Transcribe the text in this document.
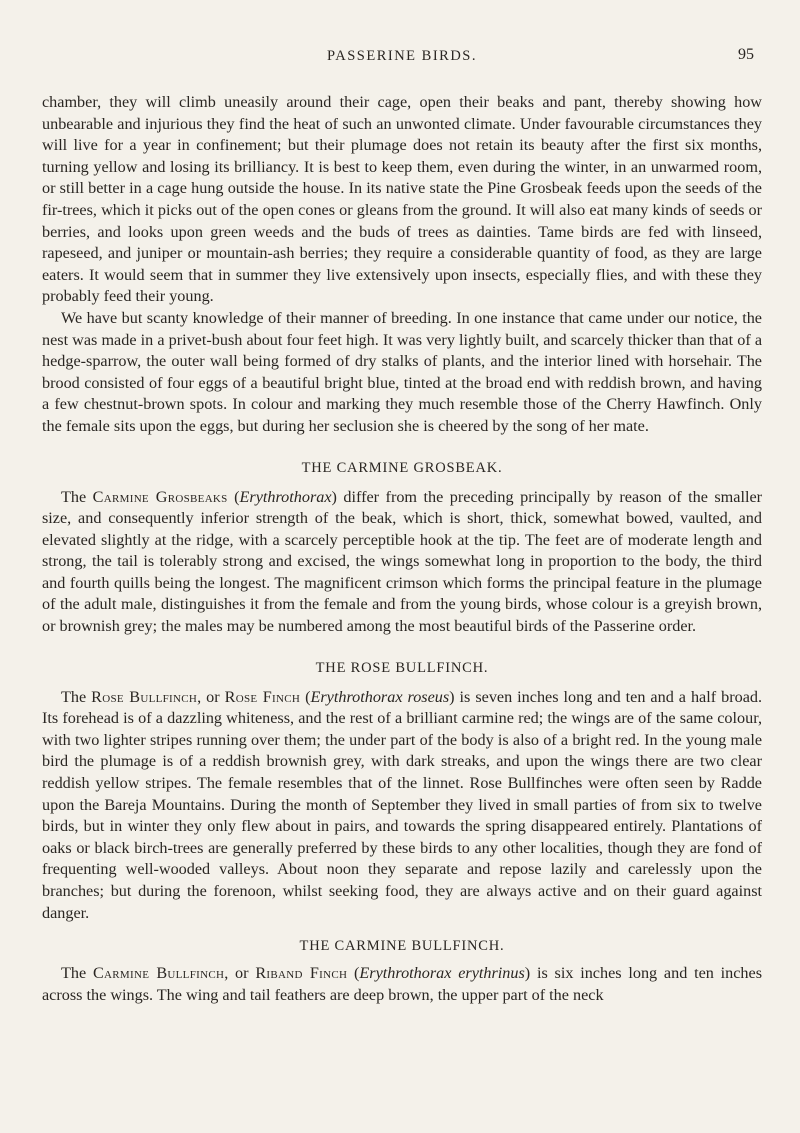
PASSERINE BIRDS.	95

chamber, they will climb uneasily around their cage, open their beaks and pant, thereby showing how unbearable and injurious they find the heat of such an unwonted climate. Under favourable circumstances they will live for a year in confinement; but their plumage does not retain its beauty after the first six months, turning yellow and losing its brilliancy. It is best to keep them, even during the winter, in an unwarmed room, or still better in a cage hung outside the house. In its native state the Pine Grosbeak feeds upon the seeds of the fir-trees, which it picks out of the open cones or gleans from the ground. It will also eat many kinds of seeds or berries, and looks upon green weeds and the buds of trees as dainties. Tame birds are fed with linseed, rapeseed, and juniper or mountain-ash berries; they require a considerable quantity of food, as they are large eaters. It would seem that in summer they live extensively upon insects, especially flies, and with these they probably feed their young.

We have but scanty knowledge of their manner of breeding. In one instance that came under our notice, the nest was made in a privet-bush about four feet high. It was very lightly built, and scarcely thicker than that of a hedge-sparrow, the outer wall being formed of dry stalks of plants, and the interior lined with horsehair. The brood consisted of four eggs of a beautiful bright blue, tinted at the broad end with reddish brown, and having a few chestnut-brown spots. In colour and marking they much resemble those of the Cherry Hawfinch. Only the female sits upon the eggs, but during her seclusion she is cheered by the song of her mate.

THE CARMINE GROSBEAK.

The Carmine Grosbeaks (Erythrothorax) differ from the preceding principally by reason of the smaller size, and consequently inferior strength of the beak, which is short, thick, somewhat bowed, vaulted, and elevated slightly at the ridge, with a scarcely perceptible hook at the tip. The feet are of moderate length and strong, the tail is tolerably strong and excised, the wings somewhat long in proportion to the body, the third and fourth quills being the longest. The magnificent crimson which forms the principal feature in the plumage of the adult male, distinguishes it from the female and from the young birds, whose colour is a greyish brown, or brownish grey; the males may be numbered among the most beautiful birds of the Passerine order.

THE ROSE BULLFINCH.

The Rose Bullfinch, or Rose Finch (Erythrothorax roseus) is seven inches long and ten and a half broad. Its forehead is of a dazzling whiteness, and the rest of a brilliant carmine red; the wings are of the same colour, with two lighter stripes running over them; the under part of the body is also of a bright red. In the young male bird the plumage is of a reddish brownish grey, with dark streaks, and upon the wings there are two clear reddish yellow stripes. The female resembles that of the linnet. Rose Bullfinches were often seen by Radde upon the Bareja Mountains. During the month of September they lived in small parties of from six to twelve birds, but in winter they only flew about in pairs, and towards the spring disappeared entirely. Plantations of oaks or black birch-trees are generally preferred by these birds to any other localities, though they are fond of frequenting well-wooded valleys. About noon they separate and repose lazily and carelessly upon the branches; but during the forenoon, whilst seeking food, they are always active and on their guard against danger.

THE CARMINE BULLFINCH.

The Carmine Bullfinch, or Riband Finch (Erythrothorax erythrinus) is six inches long and ten inches across the wings. The wing and tail feathers are deep brown, the upper part of the neck
